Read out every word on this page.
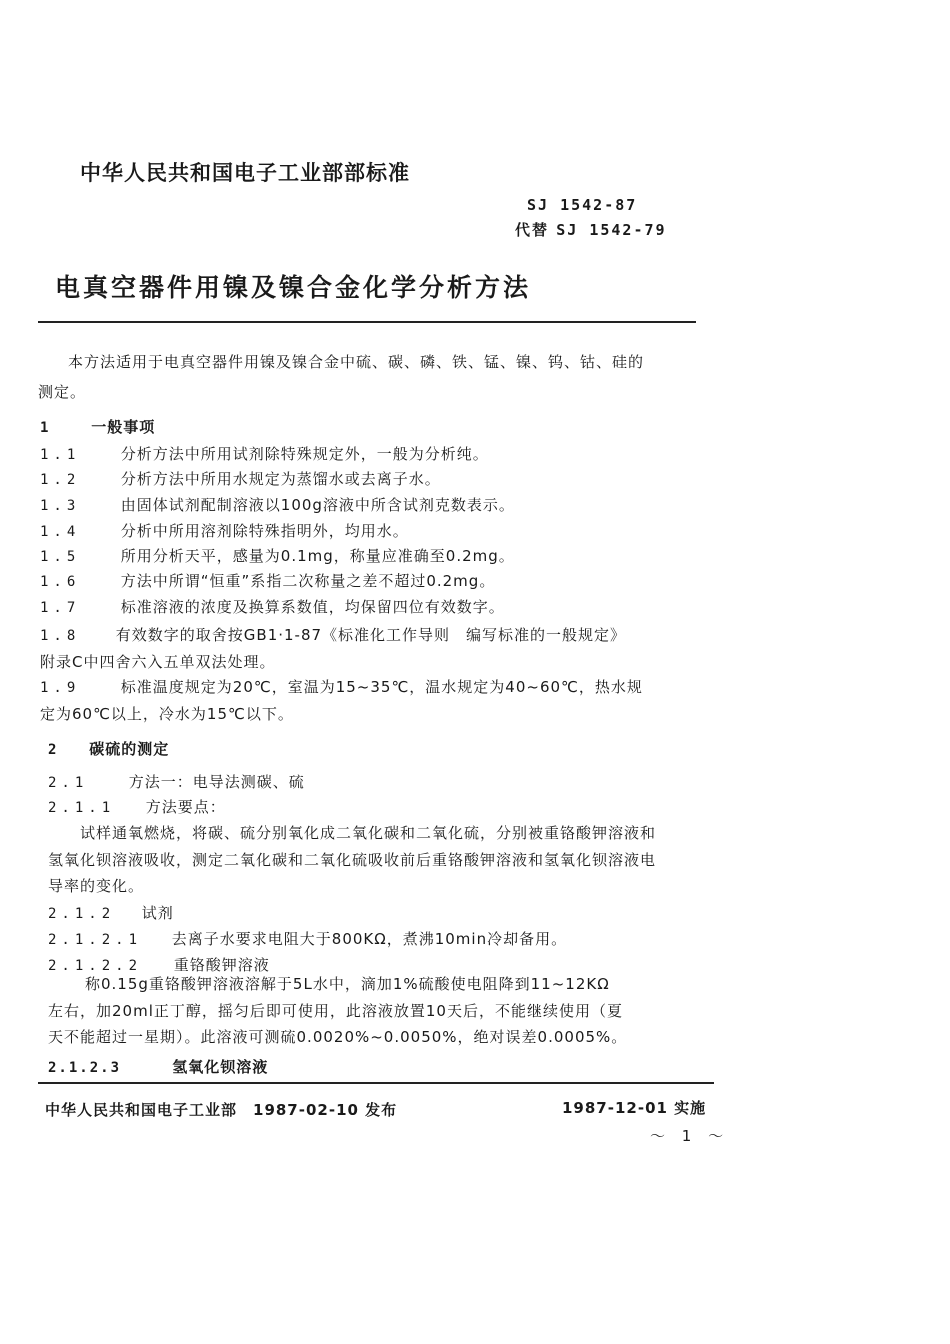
中华人民共和国电子工业部部标准
SJ 1542-87
代替 SJ 1542-79
电真空器件用镍及镍合金化学分析方法
本方法适用于电真空器件用镍及镍合金中硫、碳、磷、铁、锰、镍、钨、钴、硅的
测定。
1	一般事项
1.1	分析方法中所用试剂除特殊规定外，一般为分析纯。
1.2	分析方法中所用水规定为蒸馏水或去离子水。
1.3	由固体试剂配制溶液以100g溶液中所含试剂克数表示。
1.4	分析中所用溶剂除特殊指明外，均用水。
1.5	所用分析天平，感量为0.1mg，称量应准确至0.2mg。
1.6	方法中所谓“恒重”系指二次称量之差不超过0.2mg。
1.7	标准溶液的浓度及换算系数值，均保留四位有效数字。
1.8 有效数字的取舍按GB1·1-87《标准化工作导则　编写标准的一般规定》
附录C中四舍六入五单双法处理。
1.9	标准温度规定为20℃，室温为15~35℃，温水规定为40~60℃，热水规
定为60℃以上，冷水为15℃以下。
2 碳硫的测定
2.1	方法一：电导法测碳、硫
2.1.1 方法要点：
试样通氧燃烧，将碳、硫分别氧化成二氧化碳和二氧化硫，分别被重铬酸钾溶液和
氢氧化钡溶液吸收，测定二氧化碳和二氧化硫吸收前后重铬酸钾溶液和氢氧化钡溶液电
导率的变化。
2.1.2 试剂
2.1.2.1 去离子水要求电阻大于800KΩ，煮沸10min冷却备用。
2.1.2.2 重铬酸钾溶液
称0.15g重铬酸钾溶液溶解于5L水中，滴加1%硫酸使电阻降到11~12KΩ
左右，加20ml正丁醇，摇匀后即可使用，此溶液放置10天后，不能继续使用（夏
天不能超过一星期）。此溶液可测硫0.0020%~0.0050%，绝对误差0.0005%。
2.1.2.3	氢氧化钡溶液
中华人民共和国电子工业部　1987-02-10 发布	1987-12-01 实施
～ 1 ～
